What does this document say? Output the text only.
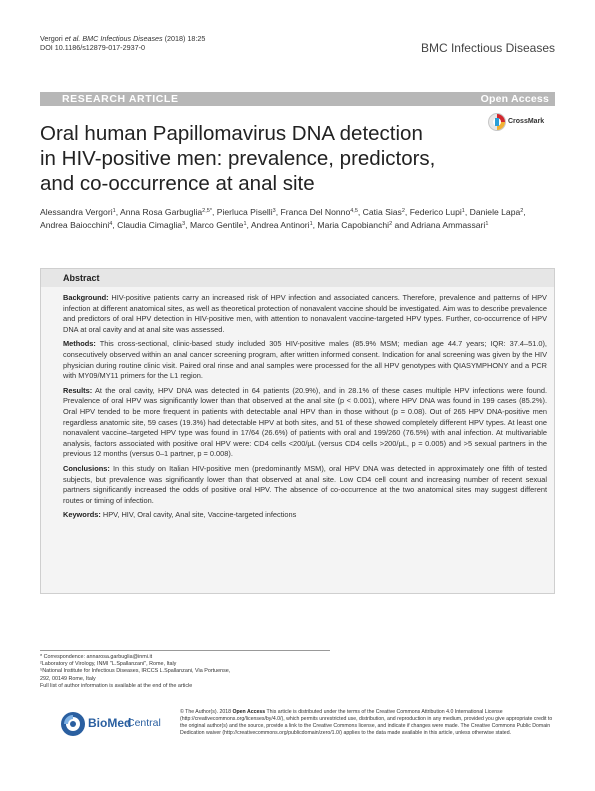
Vergori et al. BMC Infectious Diseases (2018) 18:25
DOI 10.1186/s12879-017-2937-0	BMC Infectious Diseases
RESEARCH ARTICLE	Open Access
Oral human Papillomavirus DNA detection
in HIV-positive men: prevalence, predictors,
and co-occurrence at anal site
CrossMark
Alessandra Vergori$^1$, Anna Rosa Garbuglia$^{2,5*}$, Pierluca Piselli$^3$, Franca Del Nonno$^{4,5}$, Catia Sias$^2$, Federico Lupi$^1$, Daniele Lapa$^2$, Andrea Baiocchini$^4$, Claudia Cimaglia$^3$, Marco Gentile$^1$, Andrea Antinori$^1$, Maria Capobianchi$^2$ and Adriana Ammassari$^1$
Abstract

Background: HIV-positive patients carry an increased risk of HPV infection and associated cancers. Therefore, prevalence and patterns of HPV infection at different anatomical sites, as well as theoretical protection of nonavalent vaccine should be investigated. Aim was to describe prevalence and predictors of oral HPV detection in HIV-positive men, with attention to nonavalent vaccine-targeted HPV types. Further, co-occurrence of HPV DNA at oral cavity and at anal site was assessed.

Methods: This cross-sectional, clinic-based study included 305 HIV-positive males (85.9% MSM; median age 44.7 years; IQR: 37.4–51.0), consecutively observed within an anal cancer screening program, after written informed consent. Indication for anal screening was given by the HIV physician during routine clinic visit. Paired oral rinse and anal samples were processed for the all HPV genotypes with QIASYMPHONY and a PCR with MY09/MY11 primers for the L1 region.

Results: At the oral cavity, HPV DNA was detected in 64 patients (20.9%), and in 28.1% of these cases multiple HPV infections were found. Prevalence of oral HPV was significantly lower than that observed at the anal site (p < 0.001), where HPV DNA was found in 199 cases (85.2%). Oral HPV tended to be more frequent in patients with detectable anal HPV than in those without (p = 0.08). Out of 265 HPV DNA-positive men regardless anatomic site, 59 cases (19.3%) had detectable HPV at both sites, and 51 of these showed completely different HPV types. At least one nonavalent vaccine–targeted HPV type was found in 17/64 (26.6%) of patients with oral and 199/260 (76.5%) with anal infection. At multivariable analysis, factors associated with positive oral HPV were: CD4 cells <200/μL (versus CD4 cells >200/μL, p = 0.005) and >5 sexual partners in the previous 12 months (versus 0–1 partner, p = 0.008).

Conclusions: In this study on Italian HIV-positive men (predominantly MSM), oral HPV DNA was detected in approximately one fifth of tested subjects, but prevalence was significantly lower than that observed at anal site. Low CD4 cell count and increasing number of recent sexual partners significantly increased the odds of positive oral HPV. The absence of co-occurrence at the two anatomical sites may suggest different routes or timing of infection.

Keywords: HPV, HIV, Oral cavity, Anal site, Vaccine-targeted infections

* Correspondence: annarosa.garbuglia@inmi.it
²Laboratory of Virology, INMI "L.Spallanzani", Rome, Italy
⁵National Institute for Infectious Diseases, IRCCS L.Spallanzani, Via Portuense,
292, 00149 Rome, Italy
Full list of author information is available at the end of the article
BioMed
Central
© The Author(s). 2018 Open Access This article is distributed under the terms of the Creative Commons Attribution 4.0 International License (http://creativecommons.org/licenses/by/4.0/), which permits unrestricted use, distribution, and reproduction in any medium, provided you give appropriate credit to the original author(s) and the source, provide a link to the Creative Commons license, and indicate if changes were made. The Creative Commons Public Domain Dedication waiver (http://creativecommons.org/publicdomain/zero/1.0/) applies to the data made available in this article, unless otherwise stated.
